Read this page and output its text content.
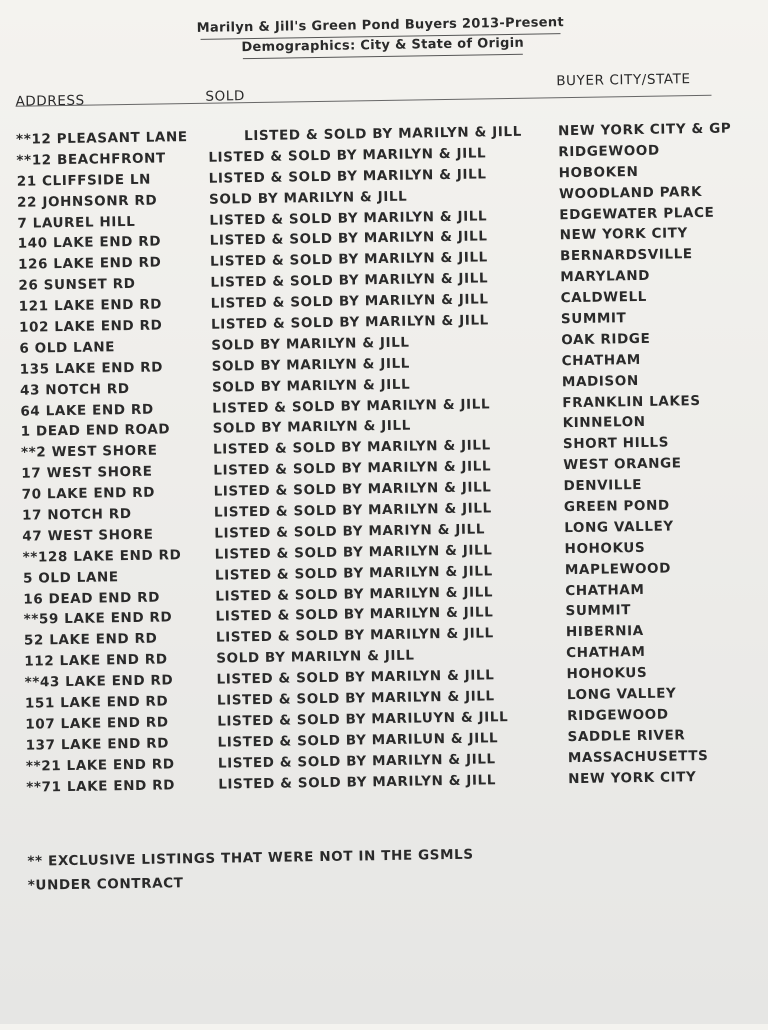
Marilyn & Jill's Green Pond Buyers 2013-Present
Demographics: City & State of Origin
ADDRESS	SOLD
BUYER CITY/STATE
**12 PLEASANT LANE	LISTED & SOLD BY MARILYN & JILL	NEW YORK CITY & GP
**12 BEACHFRONT	LISTED & SOLD BY MARILYN & JILL	RIDGEWOOD
21 CLIFFSIDE LN	LISTED & SOLD BY MARILYN & JILL	HOBOKEN
22 JOHNSONR RD	SOLD BY MARILYN & JILL	WOODLAND PARK
7 LAUREL HILL	LISTED & SOLD BY MARILYN & JILL	EDGEWATER PLACE
140 LAKE END RD	LISTED & SOLD BY MARILYN & JILL	NEW YORK CITY
126 LAKE END RD	LISTED & SOLD BY MARILYN & JILL	BERNARDSVILLE
26 SUNSET RD	LISTED & SOLD BY MARILYN & JILL	MARYLAND
121 LAKE END RD	LISTED & SOLD BY MARILYN & JILL	CALDWELL
102 LAKE END RD	LISTED & SOLD BY MARILYN & JILL	SUMMIT
6 OLD LANE	SOLD BY MARILYN & JILL	OAK RIDGE
135 LAKE END RD	SOLD BY MARILYN & JILL	CHATHAM
43 NOTCH RD	SOLD BY MARILYN & JILL	MADISON
64 LAKE END RD	LISTED & SOLD BY MARILYN & JILL	FRANKLIN LAKES
1 DEAD END ROAD	SOLD BY MARILYN & JILL	KINNELON
**2 WEST SHORE	LISTED & SOLD BY MARILYN & JILL	SHORT HILLS
17 WEST SHORE	LISTED & SOLD BY MARILYN & JILL	WEST ORANGE
70 LAKE END RD	LISTED & SOLD BY MARILYN & JILL	DENVILLE
17 NOTCH RD	LISTED & SOLD BY MARILYN & JILL	GREEN POND
47 WEST SHORE	LISTED & SOLD BY MARIYN & JILL	LONG VALLEY
**128 LAKE END RD LISTED & SOLD BY MARILYN & JILL	HOHOKUS
5 OLD LANE	LISTED & SOLD BY MARILYN & JILL	MAPLEWOOD
16 DEAD END RD	LISTED & SOLD BY MARILYN & JILL	CHATHAM
**59 LAKE END RD	LISTED & SOLD BY MARILYN & JILL	SUMMIT
52 LAKE END RD	LISTED & SOLD BY MARILYN & JILL	HIBERNIA
112 LAKE END RD	SOLD BY MARILYN & JILL	CHATHAM
**43 LAKE END RD	LISTED & SOLD BY MARILYN & JILL	HOHOKUS
151 LAKE END RD	LISTED & SOLD BY MARILYN & JILL	LONG VALLEY
107 LAKE END RD	LISTED & SOLD BY MARILUYN & JILL	RIDGEWOOD
137 LAKE END RD	LISTED & SOLD BY MARILUN & JILL	SADDLE RIVER
**21 LAKE END RD	LISTED & SOLD BY MARILYN & JILL	MASSACHUSETTS
**71 LAKE END RD	LISTED & SOLD BY MARILYN & JILL	NEW YORK CITY
** EXCLUSIVE LISTINGS THAT WERE NOT IN THE GSMLS
*UNDER CONTRACT
